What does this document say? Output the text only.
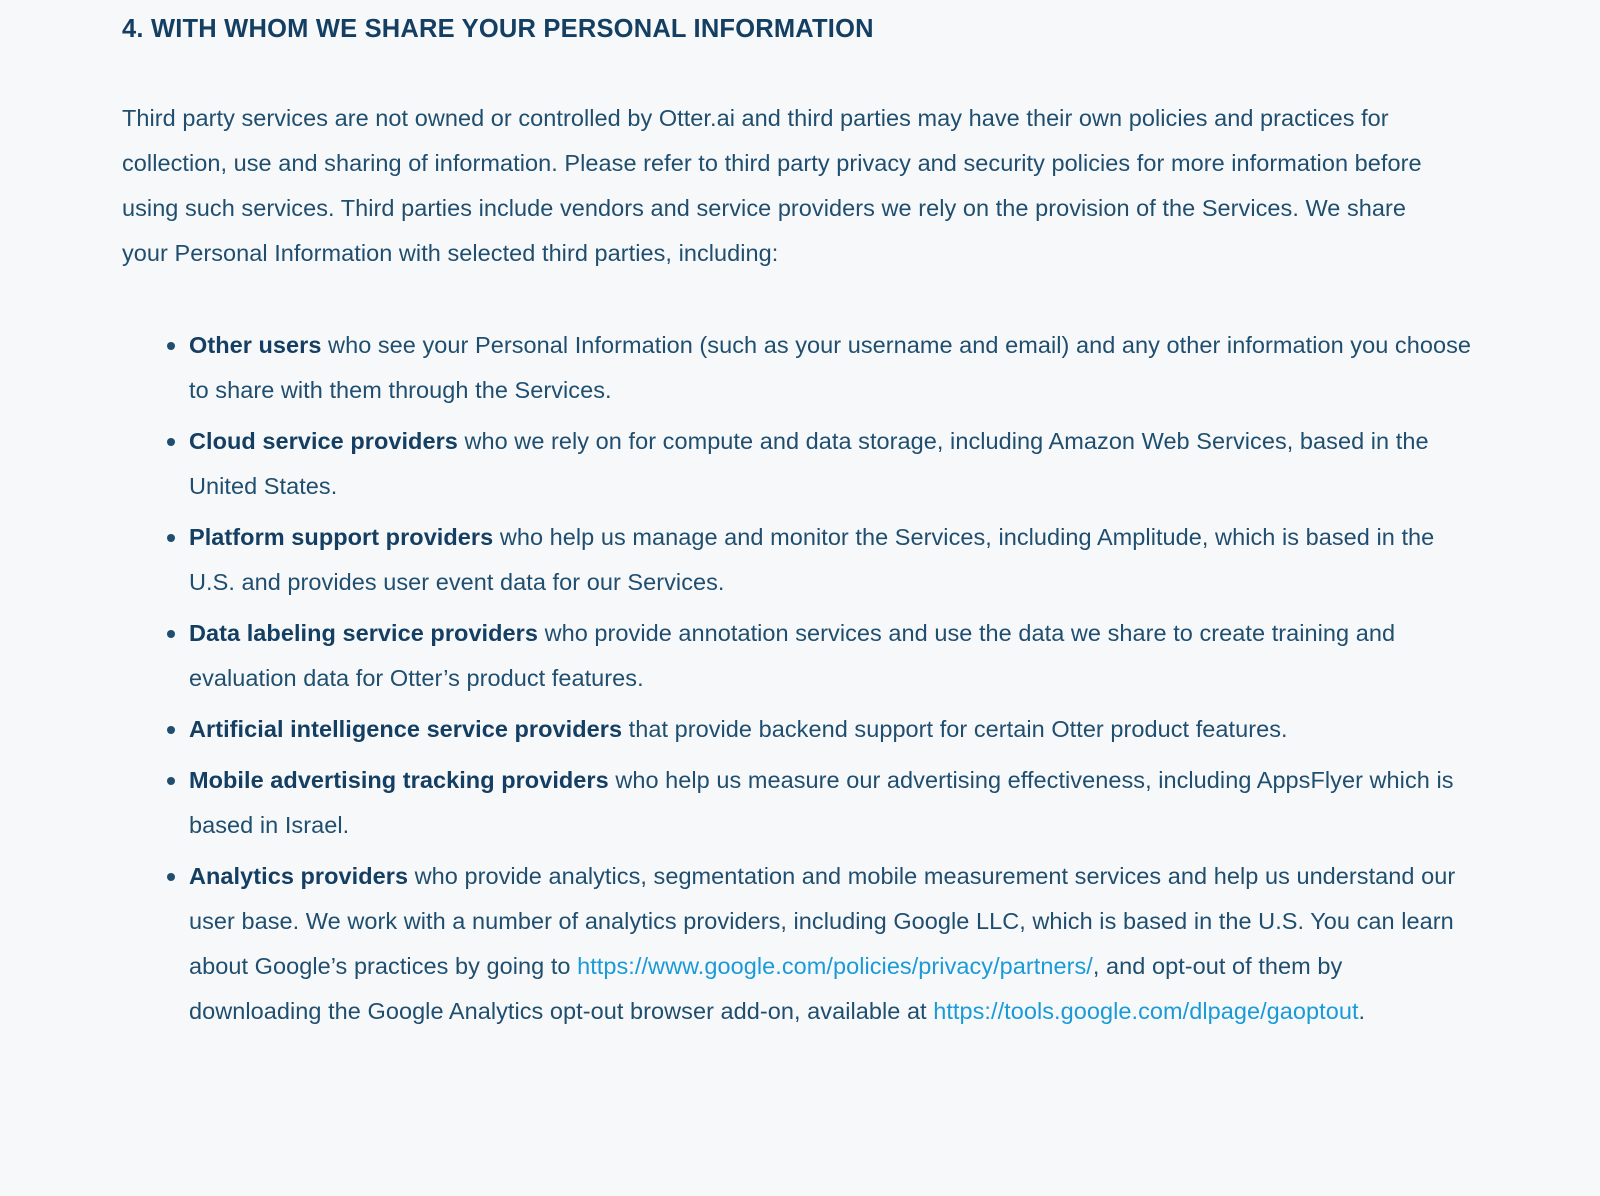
4. WITH WHOM WE SHARE YOUR PERSONAL INFORMATION

Third party services are not owned or controlled by Otter.ai and third parties may have their own policies and practices for collection, use and sharing of information. Please refer to third party privacy and security policies for more information before using such services. Third parties include vendors and service providers we rely on the provision of the Services. We share your Personal Information with selected third parties, including:

Other users who see your Personal Information (such as your username and email) and any other information you choose to share with them through the Services.
Cloud service providers who we rely on for compute and data storage, including Amazon Web Services, based in the United States.
Platform support providers who help us manage and monitor the Services, including Amplitude, which is based in the U.S. and provides user event data for our Services.
Data labeling service providers who provide annotation services and use the data we share to create training and evaluation data for Otter’s product features.
Artificial intelligence service providers that provide backend support for certain Otter product features.
Mobile advertising tracking providers who help us measure our advertising effectiveness, including AppsFlyer which is based in Israel.
Analytics providers who provide analytics, segmentation and mobile measurement services and help us understand our user base. We work with a number of analytics providers, including Google LLC, which is based in the U.S. You can learn about Google’s practices by going to https://www.google.com/policies/privacy/partners/, and opt-out of them by downloading the Google Analytics opt-out browser add-on, available at https://tools.google.com/dlpage/gaoptout.
